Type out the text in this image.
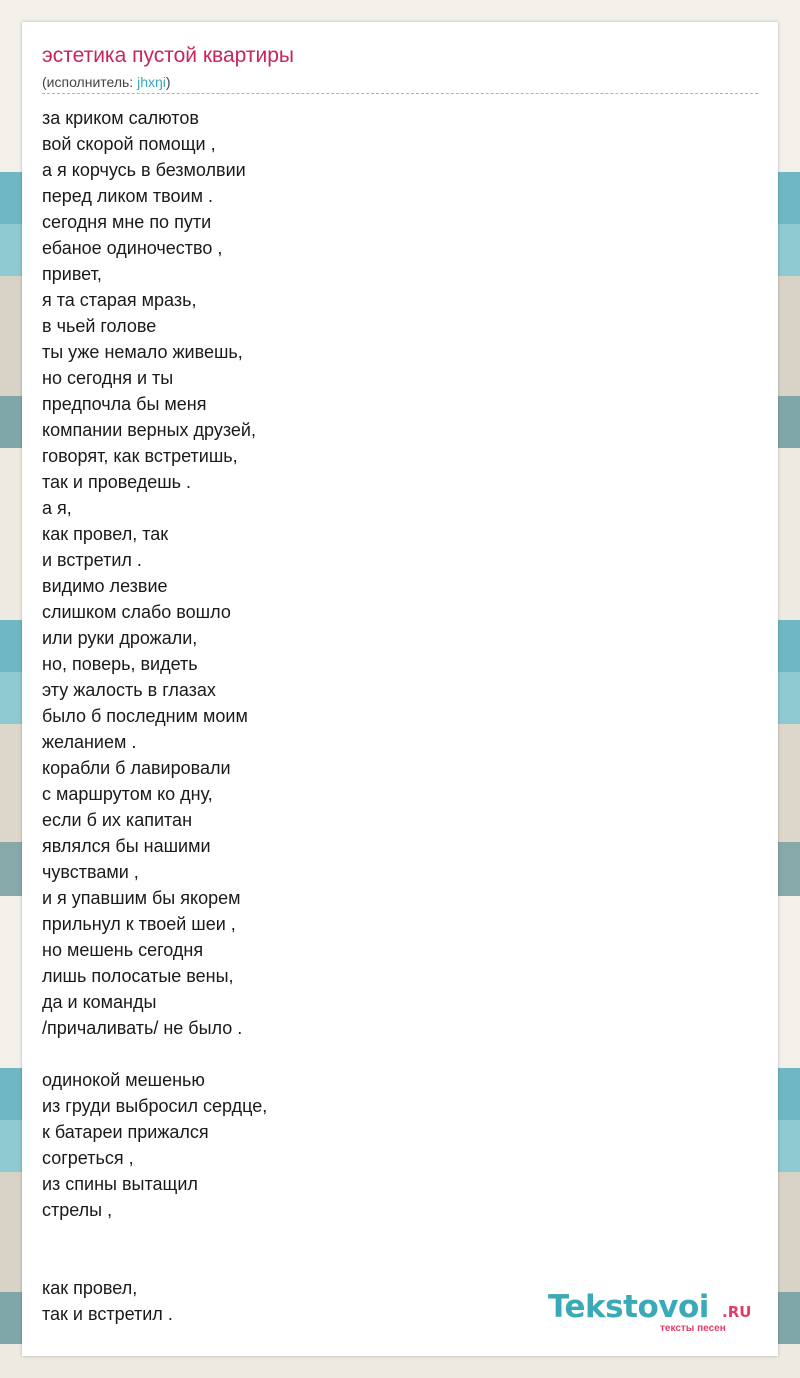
эстетика пустой квартиры
(исполнитель: jhxŋi)
за криком салютов
вой скорой помощи ,
а я корчусь в безмолвии
перед ликом твоим .
сегодня мне по пути
ебаное одиночество ,
привет,
я та старая мразь,
в чьей голове
ты уже немало живешь,
но сегодня и ты
предпочла бы меня
компании верных друзей,
говорят, как встретишь,
так и проведешь .
а я,
как провел, так
и встретил .
видимо лезвие
слишком слабо вошло
или руки дрожали,
но, поверь, видеть
эту жалость в глазах
было б последним моим
желанием .
корабли б лавировали
с маршрутом ко дну,
если б их капитан
являлся бы нашими
чувствами ,
и я упавшим бы якорем
прильнул к твоей шеи ,
но мешень сегодня
лишь полосатые вены,
да и команды
/причаливать/ не было .

одинокой мешенью
из груди выбросил сердце,
к батареи прижался
согреться ,
из спины вытащил
стрелы ,

как провел,
так и встретил .	Tekstovoi .RU
тексты песен
